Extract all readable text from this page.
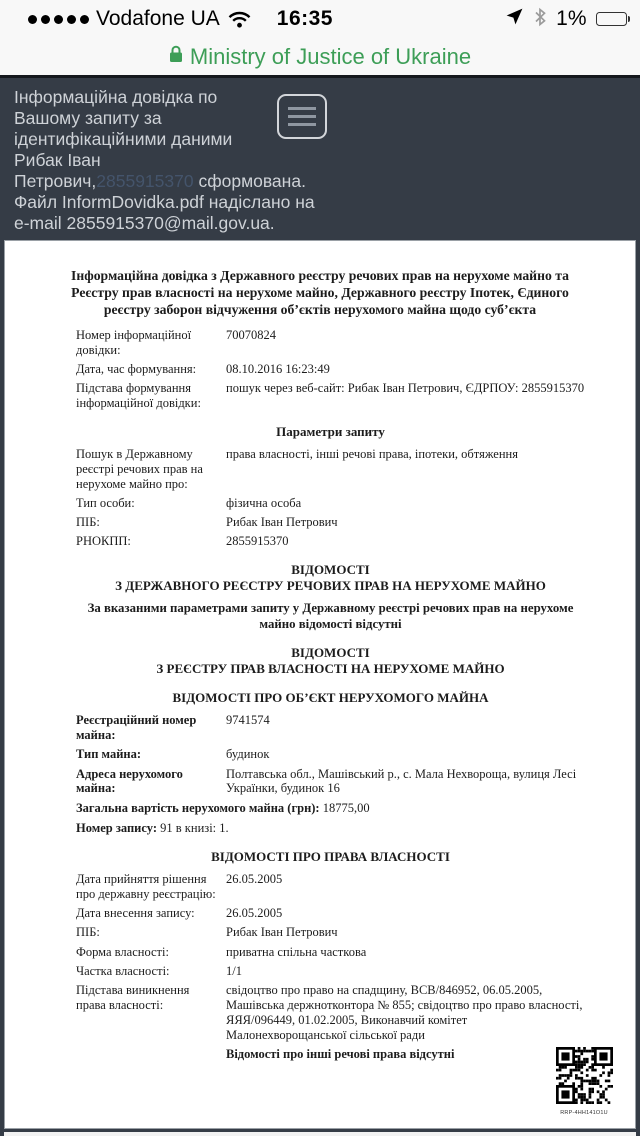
Vodafone UA	16:35	1%
Ministry of Justice of Ukraine
Інформаційна довідка по
Вашому запиту за
ідентифікаційними даними
Рибак Іван
Петрович,2855915370 сформована.
Файл InformDovidka.pdf надіслано на
e-mail 2855915370@mail.gov.ua.
Інформаційна довідка з Державного реєстру речових прав на нерухоме майно та Реєстру прав власності на нерухоме майно, Державного реєстру Іпотек, Єдиного реєстру заборон відчуження об’єктів нерухомого майна щодо суб’єкта
Номер інформаційної довідки:
70070824
Дата, час формування:	08.10.2016 16:23:49
Підстава формування інформаційної довідки:
пошук через веб-сайт: Рибак Іван Петрович, ЄДРПОУ: 2855915370
Параметри запиту
Пошук в Державному реєстрі речових прав на нерухоме майно про:
права власності, інші речові права, іпотеки, обтяження
Тип особи:	фізична особа
ПІБ:	Рибак Іван Петрович
РНОКПП:	2855915370
ВІДОМОСТІ
З ДЕРЖАВНОГО РЕЄСТРУ РЕЧОВИХ ПРАВ НА НЕРУХОМЕ МАЙНО
За вказаними параметрами запиту у Державному реєстрі речових прав на нерухоме майно відомості відсутні
ВІДОМОСТІ
З РЕЄСТРУ ПРАВ ВЛАСНОСТІ НА НЕРУХОМЕ МАЙНО
ВІДОМОСТІ ПРО ОБ’ЄКТ НЕРУХОМОГО МАЙНА
Реєстраційний номер майна:
9741574
Тип майна:	будинок
Адреса нерухомого майна:
Полтавська обл., Машівський р., с. Мала Нехвороща, вулиця Лесі Українки, будинок 16
Загальна вартість нерухомого майна (грн): 18775,00
Номер запису: 91 в книзі: 1.
ВІДОМОСТІ ПРО ПРАВА ВЛАСНОСТІ
Дата прийняття рішення про державну реєстрацію:
26.05.2005
Дата внесення запису:	26.05.2005
ПІБ:	Рибак Іван Петрович
Форма власності:	приватна спільна часткова
Частка власності:	1/1
Підстава виникнення права власності:
свідоцтво про право на спадщину, ВСВ/846952, 06.05.2005, Машівська держнотконтора № 855; свідоцтво про право власності, ЯЯЯ/096449, 01.02.2005, Виконавчий комітет Малонехворощанської сільської ради
Відомості про інші речові права відсутні
RRP-4HH141O1U
